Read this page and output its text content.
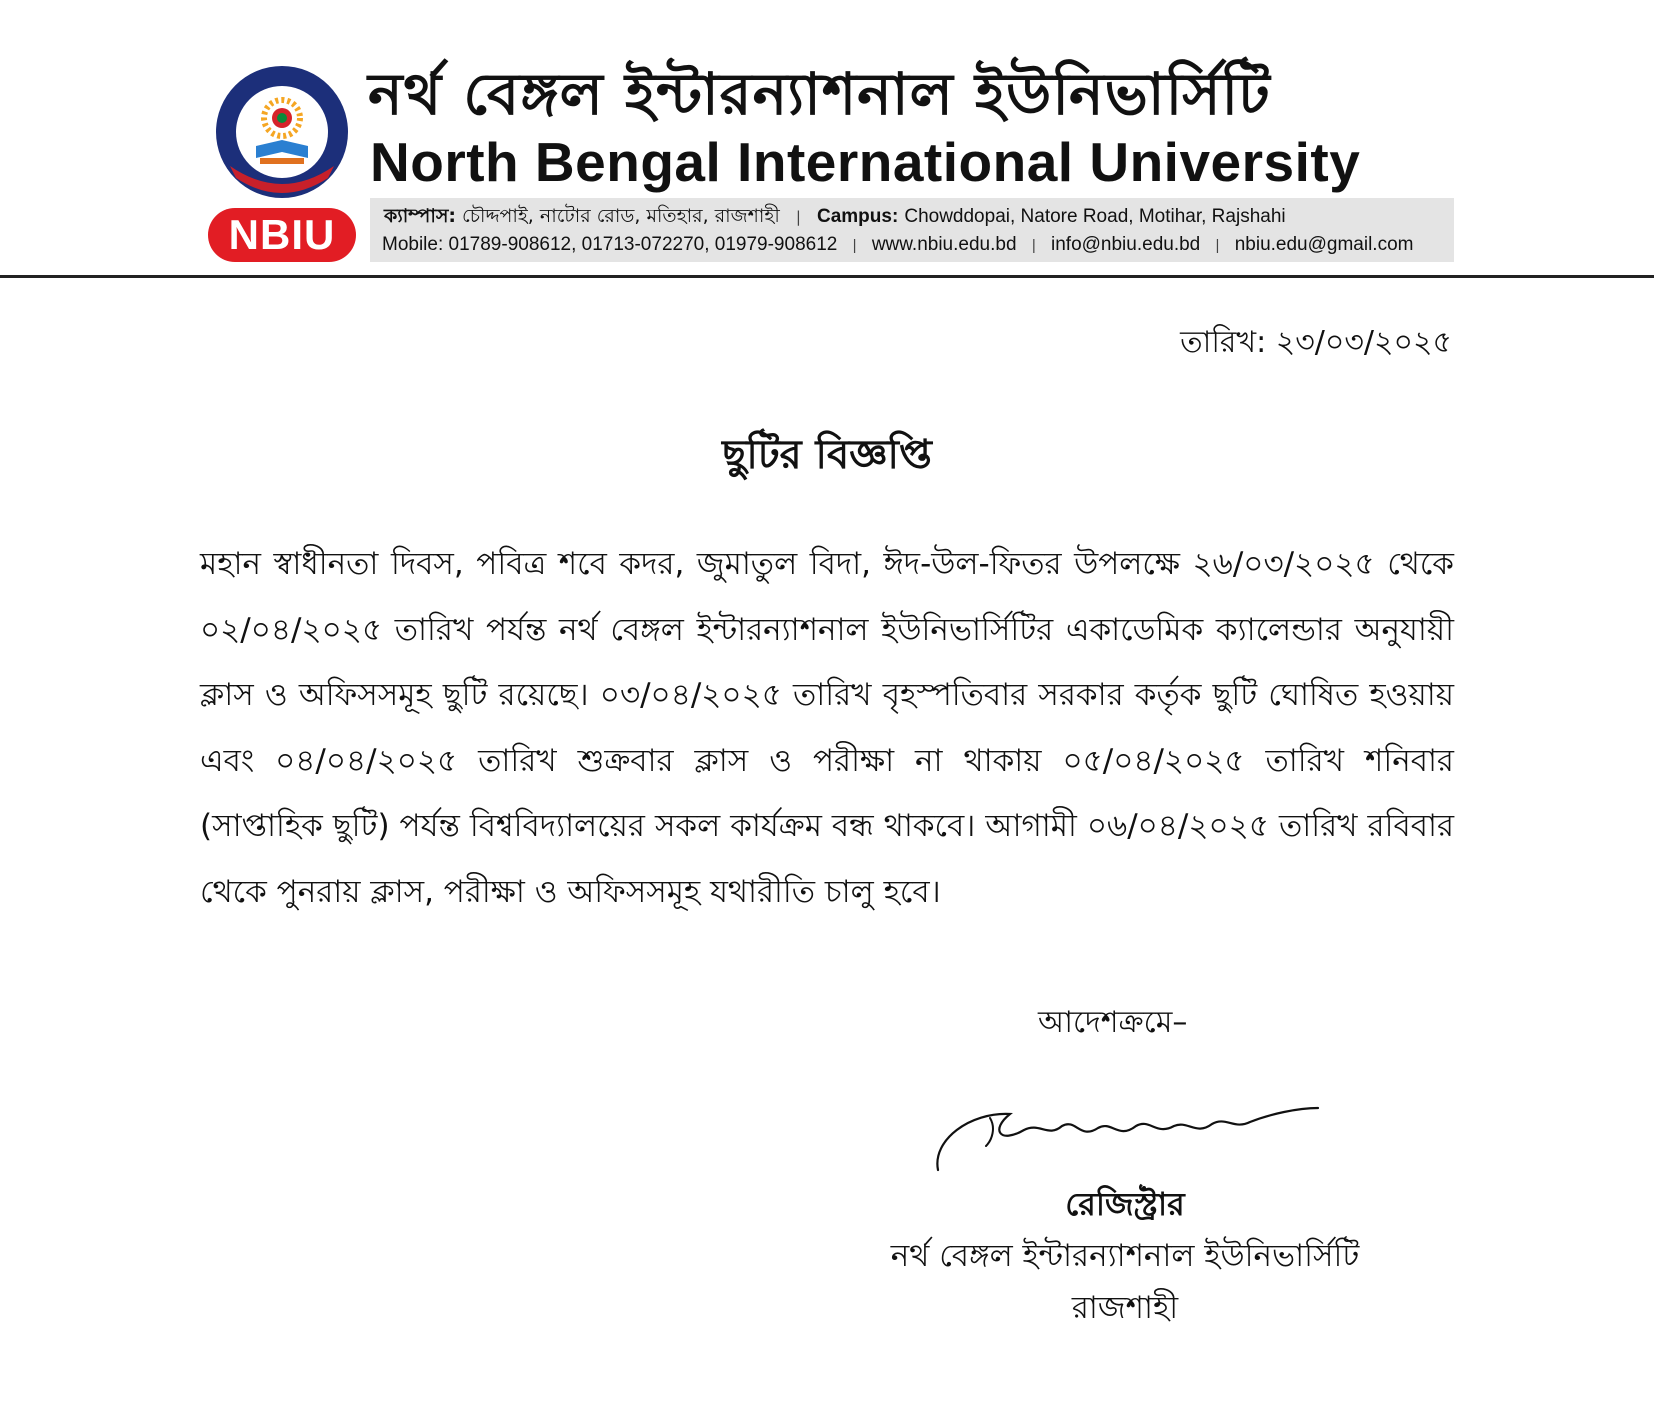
NBIU
নর্থ বেঙ্গল ইন্টারন্যাশনাল ইউনিভার্সিটি
North Bengal International University
ক্যাম্পাস: চৌদ্দপাই, নাটোর রোড, মতিহার, রাজশাহী | Campus: Chowddopai, Natore Road, Motihar, Rajshahi
Mobile: 01789-908612, 01713-072270, 01979-908612 | www.nbiu.edu.bd | info@nbiu.edu.bd | nbiu.edu@gmail.com
তারিখ: ২৩/০৩/২০২৫
ছুটির বিজ্ঞপ্তি
মহান স্বাধীনতা দিবস, পবিত্র শবে কদর, জুমাতুল বিদা, ঈদ-উল-ফিতর উপলক্ষে ২৬/০৩/২০২৫ থেকে ০২/০৪/২০২৫ তারিখ পর্যন্ত নর্থ বেঙ্গল ইন্টারন্যাশনাল ইউনিভার্সিটির একাডেমিক ক্যালেন্ডার অনুযায়ী ক্লাস ও অফিসসমূহ ছুটি রয়েছে। ০৩/০৪/২০২৫ তারিখ বৃহস্পতিবার সরকার কর্তৃক ছুটি ঘোষিত হওয়ায় এবং ০৪/০৪/২০২৫ তারিখ শুক্রবার ক্লাস ও পরীক্ষা না থাকায় ০৫/০৪/২০২৫ তারিখ শনিবার (সাপ্তাহিক ছুটি) পর্যন্ত বিশ্ববিদ্যালয়ের সকল কার্যক্রম বন্ধ থাকবে। আগামী ০৬/০৪/২০২৫ তারিখ রবিবার থেকে পুনরায় ক্লাস, পরীক্ষা ও অফিসসমূহ যথারীতি চালু হবে।
আদেশক্রমে–
রেজিস্ট্রার
নর্থ বেঙ্গল ইন্টারন্যাশনাল ইউনিভার্সিটি
রাজশাহী
